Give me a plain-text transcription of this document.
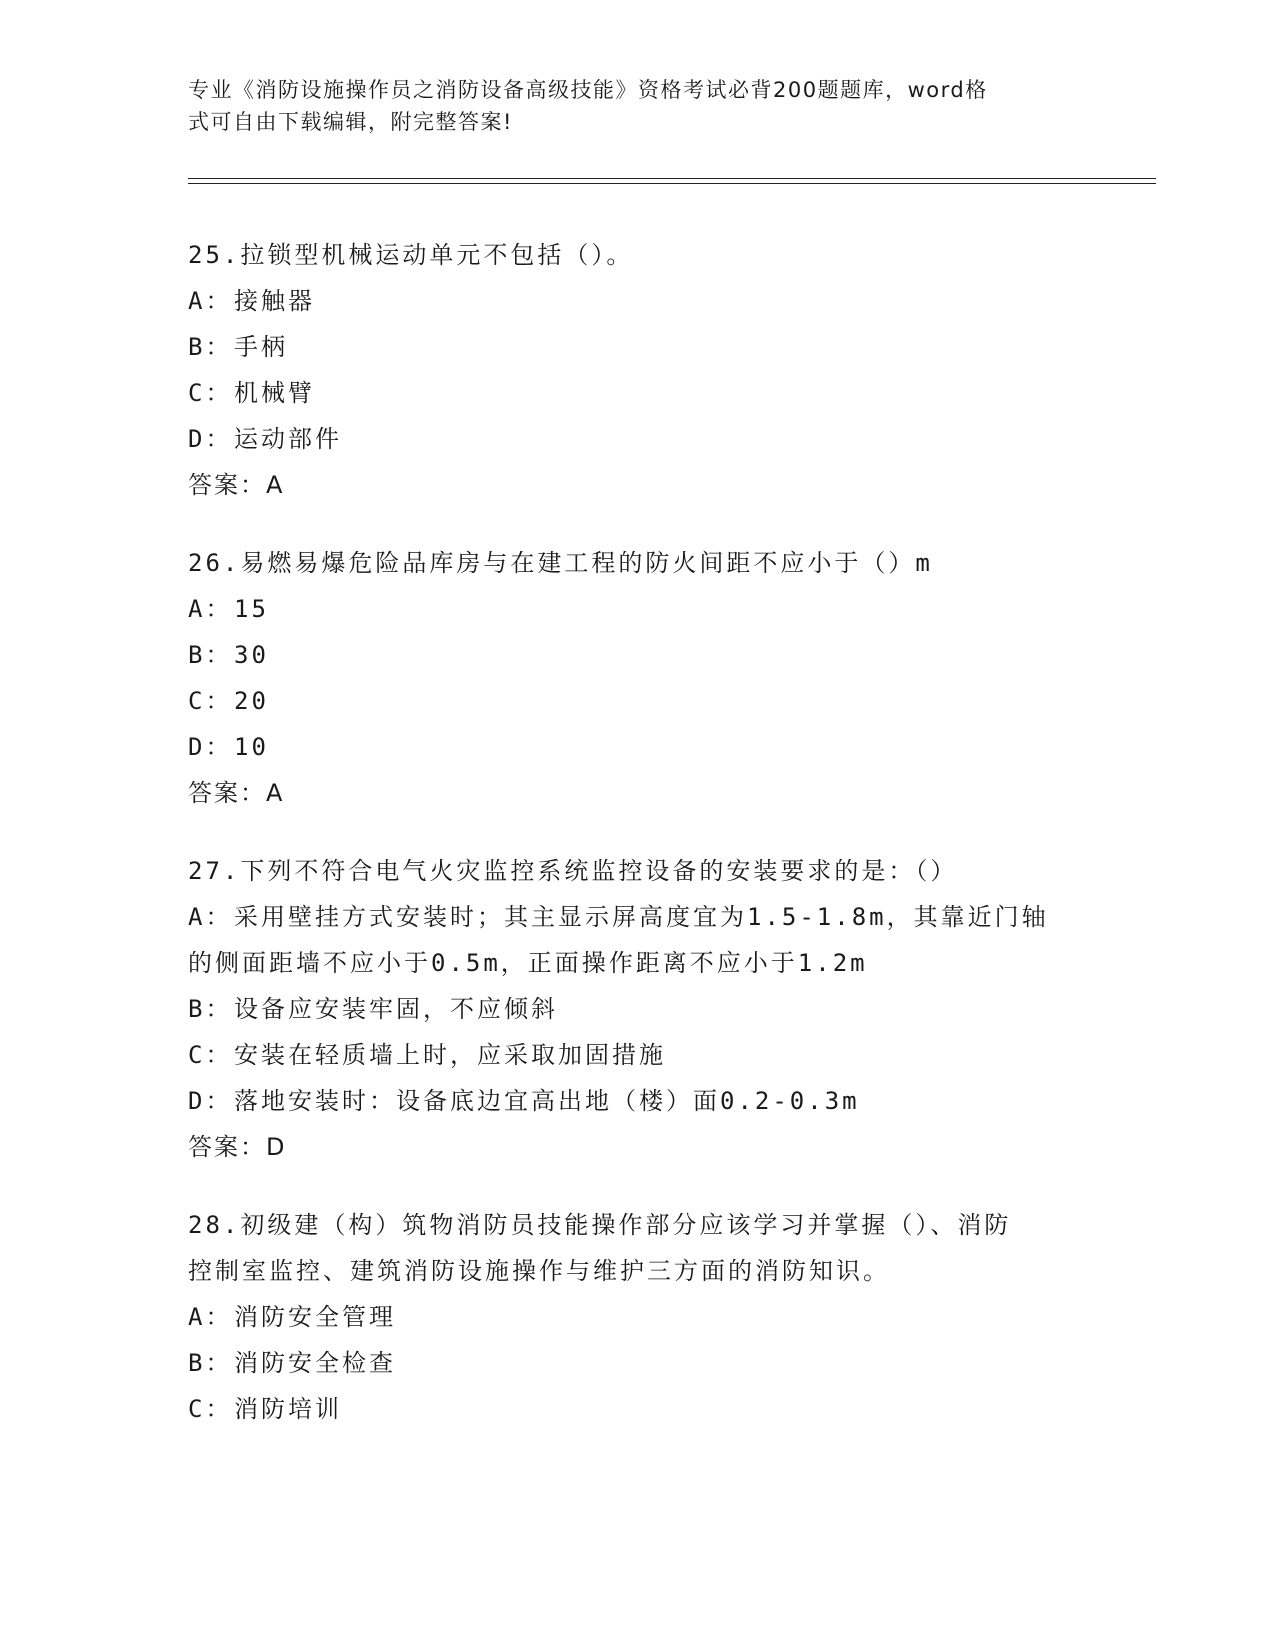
专业《消防设施操作员之消防设备高级技能》资格考试必背200题题库，word格
式可自由下载编辑，附完整答案!
25.拉锁型机械运动单元不包括（）。
A：接触器
B：手柄
C：机械臂
D：运动部件
答案：A
26.易燃易爆危险品库房与在建工程的防火间距不应小于（）m
A：15
B：30
C：20
D：10
答案：A
27.下列不符合电气火灾监控系统监控设备的安装要求的是：（）
A：采用壁挂方式安装时；其主显示屏高度宜为1.5-1.8m，其靠近门轴
的侧面距墙不应小于0.5m，正面操作距离不应小于1.2m
B：设备应安装牢固，不应倾斜
C：安装在轻质墙上时，应采取加固措施
D：落地安装时：设备底边宜高出地（楼）面0.2-0.3m
答案：D
28.初级建（构）筑物消防员技能操作部分应该学习并掌握（）、消防
控制室监控、建筑消防设施操作与维护三方面的消防知识。
A：消防安全管理
B：消防安全检查
C：消防培训
